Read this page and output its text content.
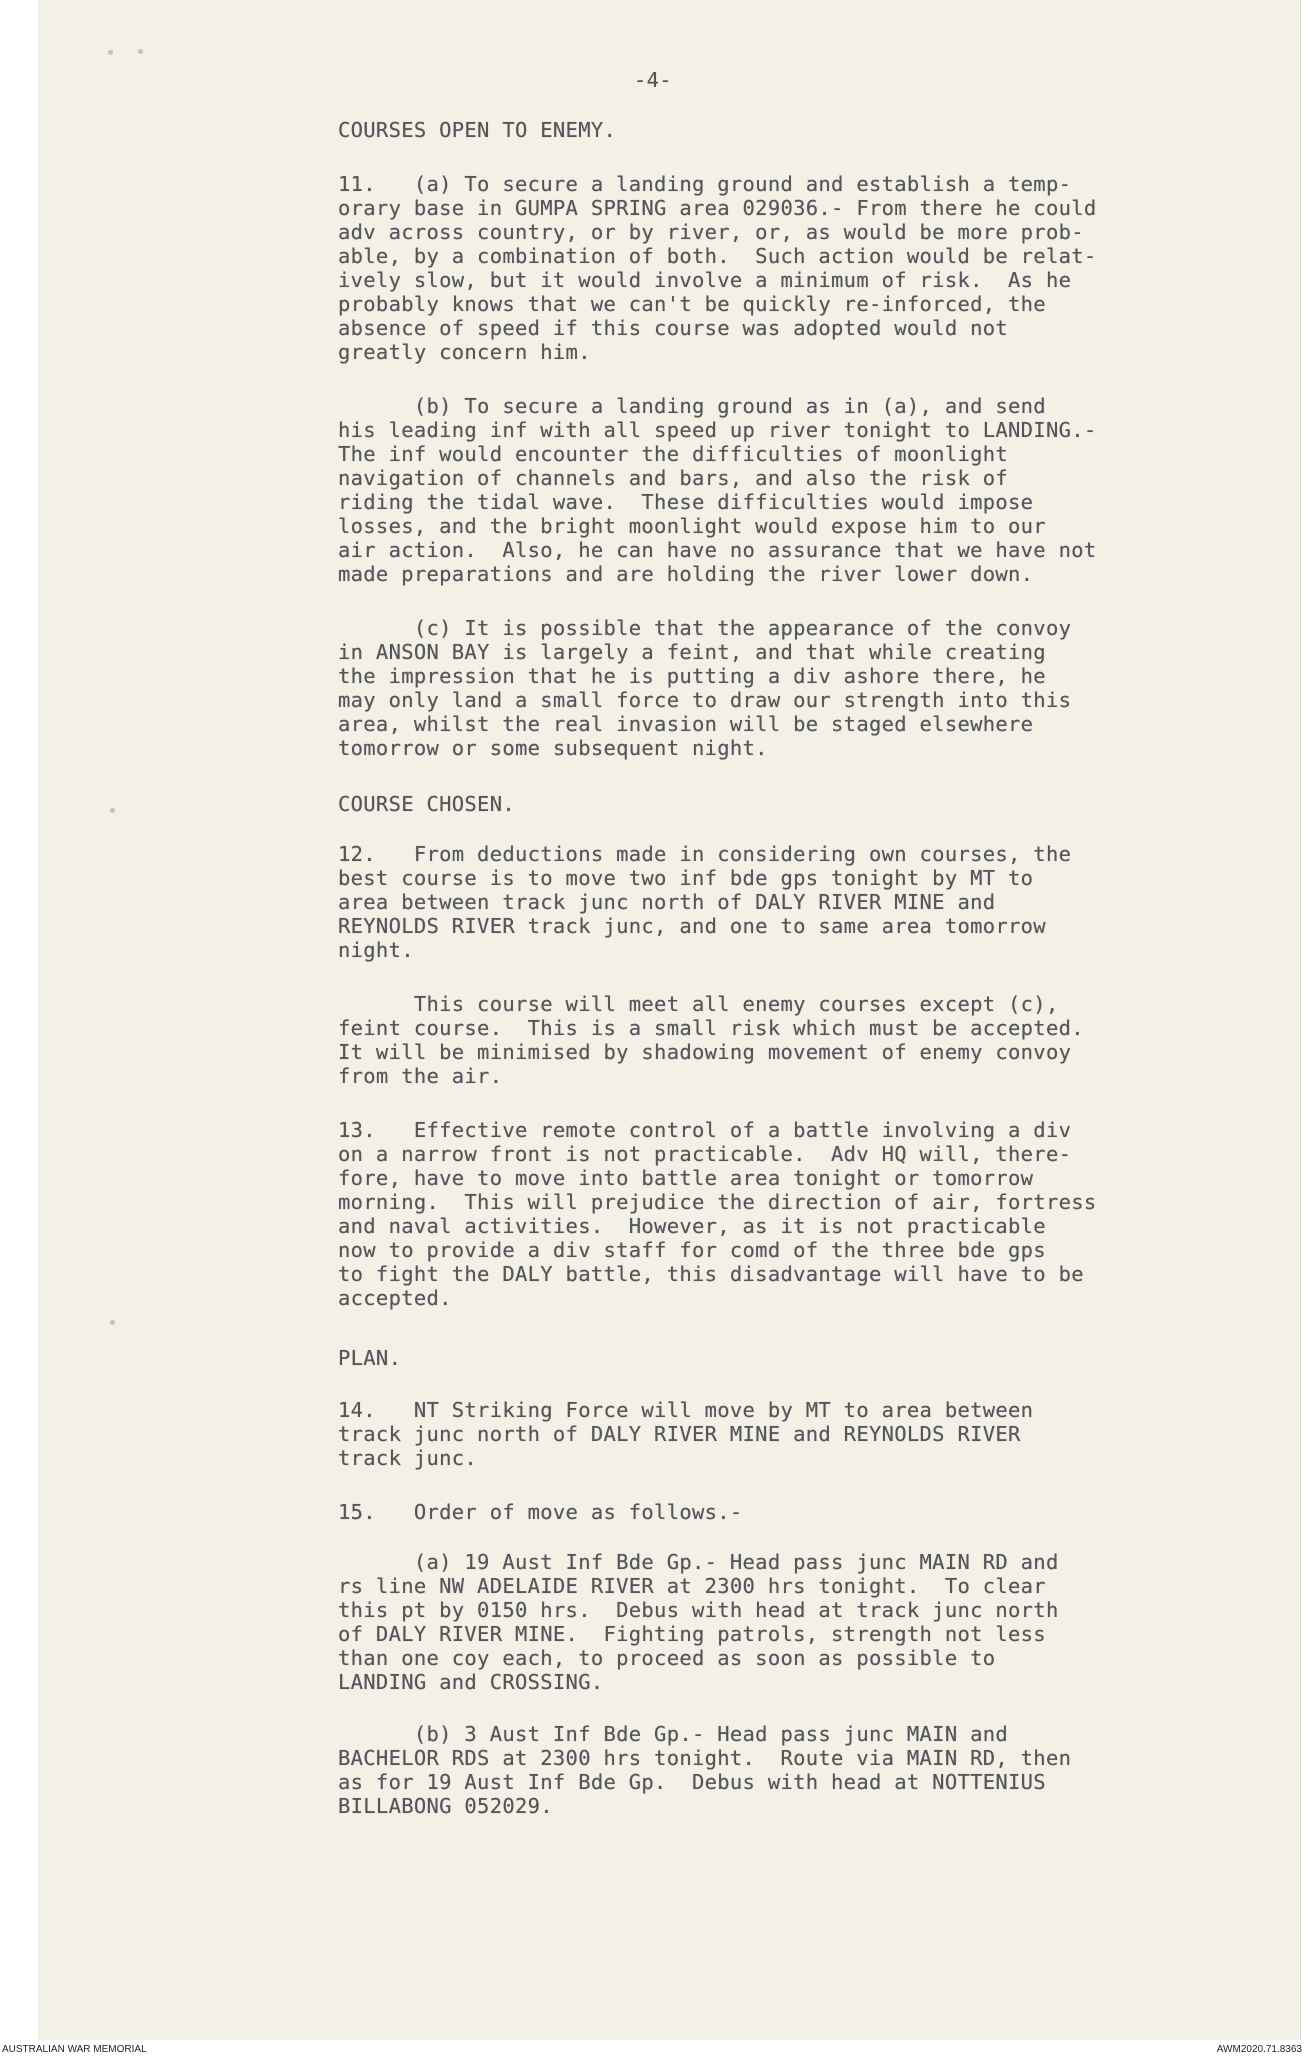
-4-
COURSES OPEN TO ENEMY.
11.   (a) To secure a landing ground and establish a temp-
orary base in GUMPA SPRING area 029036.- From there he could
adv across country, or by river, or, as would be more prob-
able, by a combination of both.  Such action would be relat-
ively slow, but it would involve a minimum of risk.  As he
probably knows that we can't be quickly re-inforced, the
absence of speed if this course was adopted would not
greatly concern him.
(b) To secure a landing ground as in (a), and send
his leading inf with all speed up river tonight to LANDING.-
The inf would encounter the difficulties of moonlight
navigation of channels and bars, and also the risk of
riding the tidal wave.  These difficulties would impose
losses, and the bright moonlight would expose him to our
air action.  Also, he can have no assurance that we have not
made preparations and are holding the river lower down.
(c) It is possible that the appearance of the convoy
in ANSON BAY is largely a feint, and that while creating
the impression that he is putting a div ashore there, he
may only land a small force to draw our strength into this
area, whilst the real invasion will be staged elsewhere
tomorrow or some subsequent night.
COURSE CHOSEN.
12.   From deductions made in considering own courses, the
best course is to move two inf bde gps tonight by MT to
area between track junc north of DALY RIVER MINE and
REYNOLDS RIVER track junc, and one to same area tomorrow
night.
This course will meet all enemy courses except (c),
feint course.  This is a small risk which must be accepted.
It will be minimised by shadowing movement of enemy convoy
from the air.
13.   Effective remote control of a battle involving a div
on a narrow front is not practicable.  Adv HQ will, there-
fore, have to move into battle area tonight or tomorrow
morning.  This will prejudice the direction of air, fortress
and naval activities.  However, as it is not practicable
now to provide a div staff for comd of the three bde gps
to fight the DALY battle, this disadvantage will have to be
accepted.
PLAN.
14.   NT Striking Force will move by MT to area between
track junc north of DALY RIVER MINE and REYNOLDS RIVER
track junc.
15.   Order of move as follows.-
(a) 19 Aust Inf Bde Gp.- Head pass junc MAIN RD and
rs line NW ADELAIDE RIVER at 2300 hrs tonight.  To clear
this pt by 0150 hrs.  Debus with head at track junc north
of DALY RIVER MINE.  Fighting patrols, strength not less
than one coy each, to proceed as soon as possible to
LANDING and CROSSING.
(b) 3 Aust Inf Bde Gp.- Head pass junc MAIN and
BACHELOR RDS at 2300 hrs tonight.  Route via MAIN RD, then
as for 19 Aust Inf Bde Gp.  Debus with head at NOTTENIUS
BILLABONG 052029.
AUSTRALIAN WAR MEMORIAL	AWM2020.71.8363
